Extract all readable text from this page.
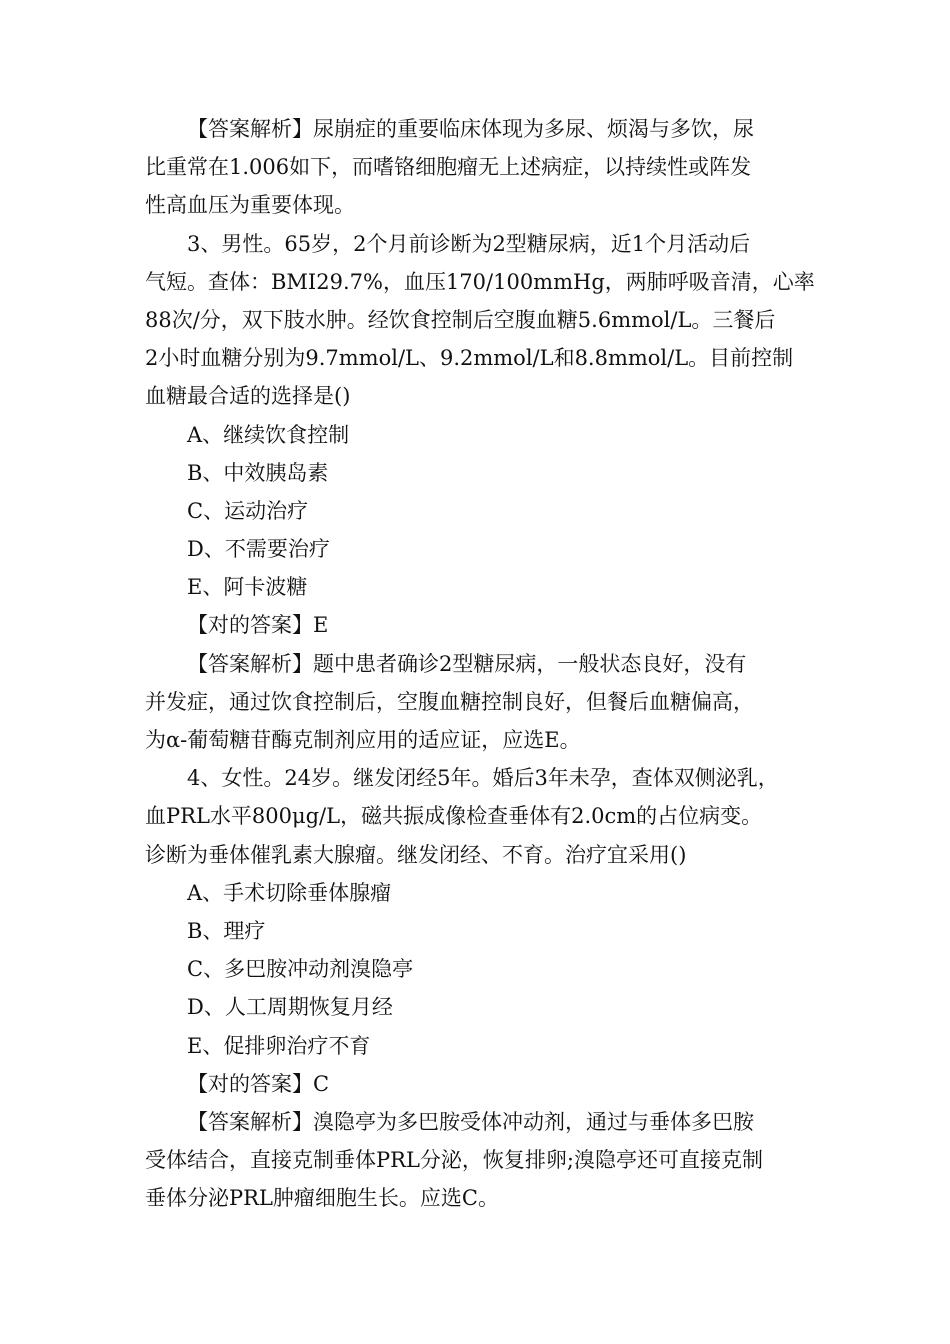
【答案解析】尿崩症的重要临床体现为多尿、烦渴与多饮，尿
比重常在1.006如下，而嗜铬细胞瘤无上述病症，以持续性或阵发
性高血压为重要体现。
3、男性。65岁，2个月前诊断为2型糖尿病，近1个月活动后
气短。查体：BMI29.7%，血压170/100mmHg，两肺呼吸音清，心率
88次/分，双下肢水肿。经饮食控制后空腹血糖5.6mmol/L。三餐后
2小时血糖分别为9.7mmol/L、9.2mmol/L和8.8mmol/L。目前控制
血糖最合适的选择是()
A、继续饮食控制
B、中效胰岛素
C、运动治疗
D、不需要治疗
E、阿卡波糖
【对的答案】E
【答案解析】题中患者确诊2型糖尿病，一般状态良好，没有
并发症，通过饮食控制后，空腹血糖控制良好，但餐后血糖偏高，
为α-葡萄糖苷酶克制剂应用的适应证，应选E。
4、女性。24岁。继发闭经5年。婚后3年未孕，查体双侧泌乳，
血PRL水平800μg/L，磁共振成像检查垂体有2.0cm的占位病变。
诊断为垂体催乳素大腺瘤。继发闭经、不育。治疗宜采用()
A、手术切除垂体腺瘤
B、理疗
C、多巴胺冲动剂溴隐亭
D、人工周期恢复月经
E、促排卵治疗不育
【对的答案】C
【答案解析】溴隐亭为多巴胺受体冲动剂，通过与垂体多巴胺
受体结合，直接克制垂体PRL分泌，恢复排卵;溴隐亭还可直接克制
垂体分泌PRL肿瘤细胞生长。应选C。
